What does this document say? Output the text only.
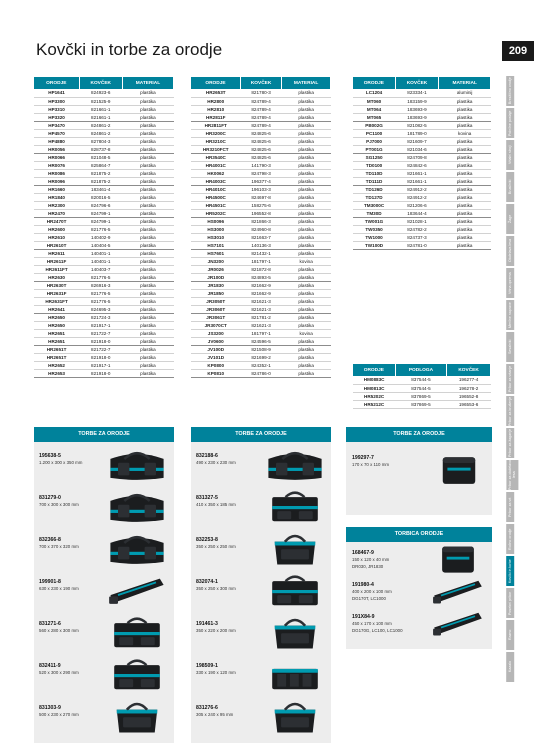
Kovčki in torbe za orodje	209
Brezžično orodje
Polnilne postaje
Vrtalni stroji
Brusilniki
Žage
Obdelava lesa
Vrtna oprema
Merilne naprave
Sesalniki
Pribor za vrtanje
Pribor za brušenje
Pribor za žaganje
Pribor za obdelavo lesa
Pribor za vrt
Ročno orodje
Kovčki in torbe
Posebni pribor
Razno
Kazalo
ORODJE	KOVČEK	MATERIAL
HP1641	824923-6	plastika
HP3300	821525-9	plastika
HP3310	821661-1	plastika
HP3320	821661-1	plastika
HP3470	824861-2	plastika
HP4570	824861-2	plastika
HP4880	827804-3	plastika
HR0056	828737-8	plastika
HR0066	821048-5	plastika
HR0076	825864-7	plastika
HR0086	821875-2	plastika
HR0096	821875-2	plastika
HR1660	183461-4	plastika
HR1840	820016-5	plastika
HR2300	824796-6	plastika
HR2470	824799-1	plastika
HR2470T	824799-1	plastika
HR2600	821776-5	plastika
HR2610	140402-9	plastika
HR2610T	140404-5	plastika
HR2611	140401-1	plastika
HR2611F	140401-1	plastika
HR2611FT	140403-7	plastika
HR2630	821776-5	plastika
HR2630T	826916-3	plastika
HR2631F	821776-5	plastika
HR2631FT	821776-5	plastika
HR2641	824695-3	plastika
HR2650	821724-3	plastika
HR2650	821917-1	plastika
HR2651	821722-7	plastika
HR2651	821918-0	plastika
HR2651T	821722-7	plastika
HR2651T	821918-0	plastika
HR2652	821917-1	plastika
HR2653	821918-0	plastika
ORODJE	KOVČEK	MATERIAL
HR2653T	821780-3	plastika
HR2800	824789-4	plastika
HR2810	824789-4	plastika
HR2811F	824789-4	plastika
HR2811FT	824789-4	plastika
HR3200C	824825-6	plastika
HR3210C	824825-6	plastika
HR3210FCT	824825-6	plastika
HR3540C	824825-6	plastika
HR4001C	141790-3	plastika
HK0062	824798-3	plastika
HR4003C	196377-4	plastika
HR4010C	196103-3	plastika
HR4500C	824697-8	plastika
HR4501C	158275-6	plastika
HR5202C	196552-8	plastika
HS0096	821866-3	plastika
HS3000	824960-8	plastika
HS3010	821663-7	plastika
HS7101	140136-3	plastika
HS7601	821432-1	plastika
JN3200	181797-1	kovina
JR0026	821872-8	plastika
JR100D	824893-5	plastika
JR1830	821662-9	plastika
JR1850	821662-9	plastika
JR3050T	821621-3	plastika
JR3060T	821621-3	plastika
JR3061T	821781-2	plastika
JR3070CT	821621-3	plastika
JS3200	181797-1	kovina
JV0600	824596-5	plastika
JV100D	821508-9	plastika
JV101D	821699-2	plastika
KP0800	824352-1	plastika
KP0810	824786-0	plastika
ORODJE	KOVČEK	MATERIAL
LC1204	823334-1	aluminij
MT060	183159-9	plastika
MT064	183693-9	plastika
MT065	183693-9	plastika
PB002G	821082-5	plastika
PC1100	181789-0	kovina
PJ7000	821609-7	plastika
PT001G	821034-6	plastika
SG1250	824709-8	plastika
TD0100	824842-6	plastika
TD110D	821661-1	plastika
TD111D	821661-1	plastika
TD126D	824912-2	plastika
TD127D	824912-2	plastika
TM3000C	821206-6	plastika
TM30D	183644-4	plastika
TW001G	821028-1	plastika
TW0350	824782-2	plastika
TW1000	824737-3	plastika
TW100D	824781-0	plastika
ORODJE	PODLOGA	KOVČEK
HM0883C	837544-5	196277-4
HM0813C	837544-5	196278-2
HR5202C	837869-5	196552-8
HR5212C	837869-5	196553-6
TORBE ZA ORODJE
195638-5
1.200 x 300 x 350 mm
831279-0
700 x 300 x 300 mm
832366-8
700 x 370 x 320 mm
199901-8
630 x 230 x 190 mm
831271-6
560 x 280 x 300 mm
832411-9
520 x 300 x 290 mm
831303-9
500 x 230 x 270 mm
TORBE ZA ORODJE
832188-6
490 x 230 x 230 mm
831327-5
410 x 350 x 185 mm
832253-8
350 x 250 x 250 mm
832074-1
350 x 250 x 300 mm
191461-3
350 x 220 x 200 mm
198509-1
330 x 190 x 120 mm
831276-6
305 x 240 x 95 mm
TORBE ZA ORODJE
199297-7
170 x 70 x 110 mm
TORBICA ORODJE
168467-9
150 x 120 x 40 mm
DR030, JR1830
191980-4
400 x 200 x 100 mm
DG170T, LC1000
191X84-9
450 x 170 x 100 mm
DG170G, LC100, LC1000
